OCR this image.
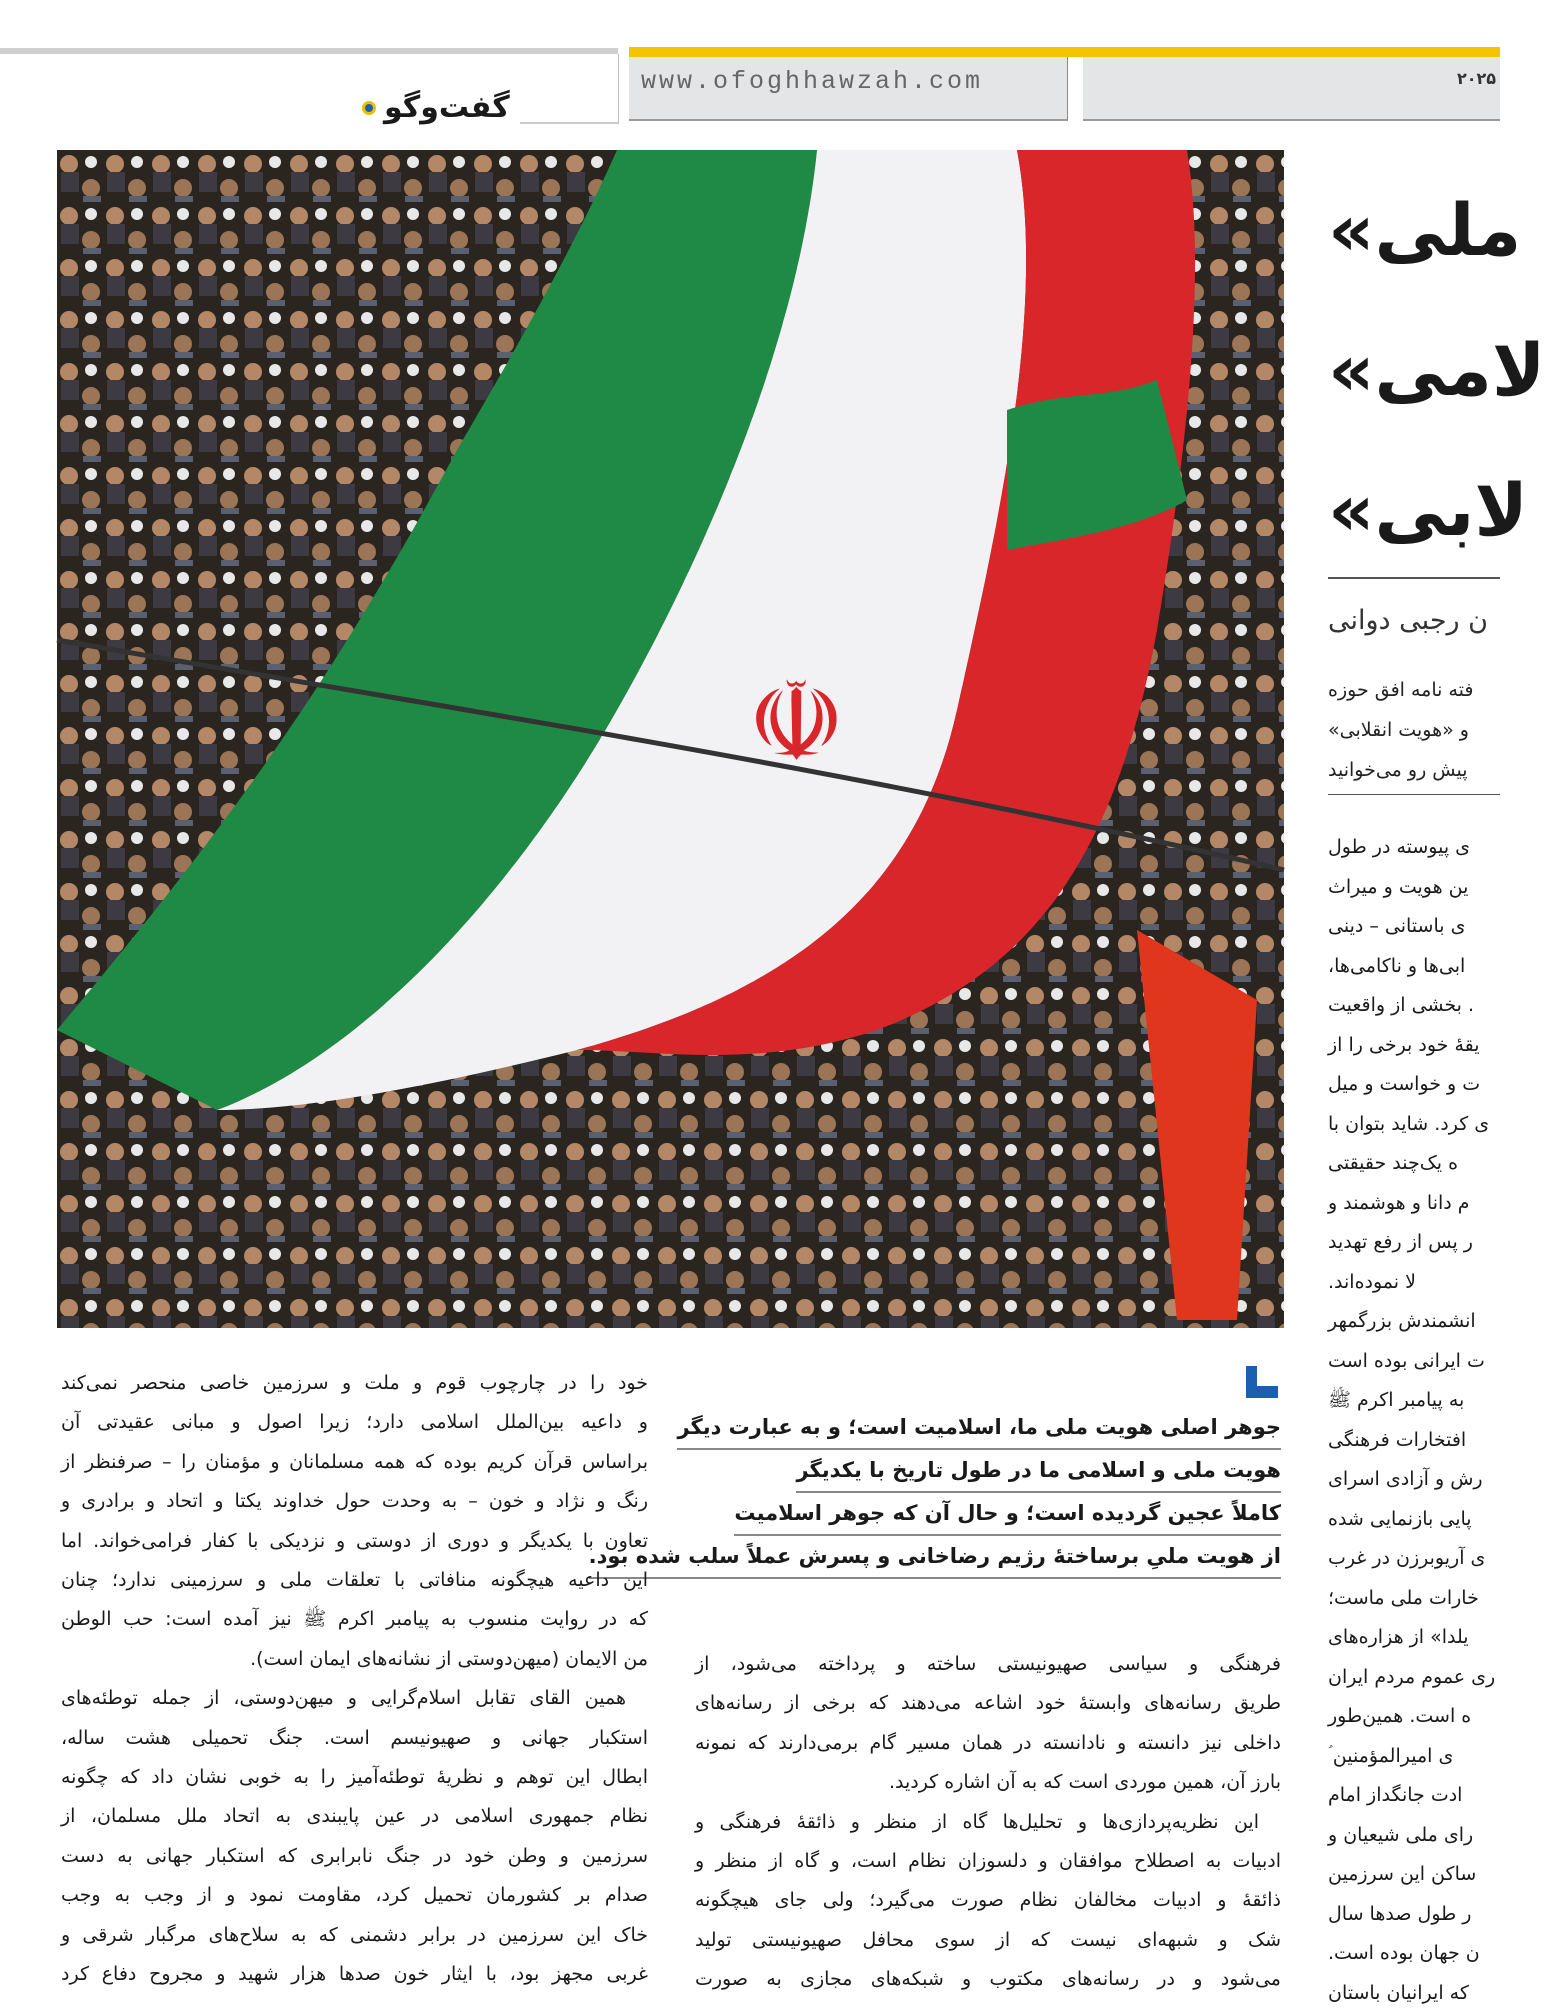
www.ofoghhawzah.com	۲۰۲۵
گفت‌وگو
☫
ملی»
لامی»
لابی»
ن رجبی دوانی
فته نامه افق حوزه
و «هویت انقلابی»
پیش رو می‌خوانید
ی پیوسته در طول
ین هویت و میراث
ی باستانی – دینی
ابی‌ها و ناکامی‌ها،
. بخشی از واقعیت
یقهٔ خود برخی را از
ت و خواست و میل
ی کرد. شاید بتوان با
ه یک‌چند حقیقتی
م دانا و هوشمند و
ر پس از رفع تهدید
لا نموده‌اند.
انشمندش بزرگمهر
ت ایرانی بوده است
به پیامبر اکرم ﷺ
افتخارات فرهنگی
رش و آزادی اسرای
پایی بازنمایی شده
ی آریوبرزن در غرب
خارات ملی ماست؛
یلدا» از هزاره‌های
ری عموم مردم ایران
ه است. همین‌طور
ی امیرالمؤمنین ؑ
ادت جانگداز امام
رای ملی شیعیان و
ساکن این سرزمین
ر طول صدها سال
ن جهان بوده است.
که ایرانیان باستان
جوهر اصلی هویت ملی ما، اسلامیت است؛ و به عبارت دیگر
هویت ملی و اسلامی ما در طول تاریخ با یکدیگر
کاملاً عجین گردیده است؛ و حال آن که جوهر اسلامیت
از هویت ملیِ برساختهٔ رژیم رضاخانی و پسرش عملاً سلب شده بود.
فرهنگی و سیاسی صهیونیستی ساخته و پرداخته می‌شود، از
طریق رسانه‌های وابستهٔ خود اشاعه می‌دهند که برخی از رسانه‌های
داخلی نیز دانسته و نادانسته در همان مسیر گام برمی‌دارند که نمونه
بارز آن، همین موردی است که به آن اشاره کردید.
این نظریه‌پردازی‌ها و تحلیل‌ها گاه از منظر و ذائقهٔ فرهنگی و
ادبیات به اصطلاح موافقان و دلسوزان نظام است، و گاه از منظر و
ذائقهٔ و ادبیات مخالفان نظام صورت می‌گیرد؛ ولی جای هیچگونه
شک و شبهه‌ای نیست که از سوی محافل صهیونیستی تولید
می‌شود و در رسانه‌های مکتوب و شبکه‌های مجازی به صورت
خود را در چارچوب قوم و ملت و سرزمین خاصی منحصر نمی‌کند
و داعیه بین‌الملل اسلامی دارد؛ زیرا اصول و مبانی عقیدتی آن
براساس قرآن کریم بوده که همه مسلمانان و مؤمنان را – صرفنظر از
رنگ و نژاد و خون – به وحدت حول خداوند یکتا و اتحاد و برادری و
تعاون با یکدیگر و دوری از دوستی و نزدیکی با کفار فرامی‌خواند. اما
این داعیه هیچگونه منافاتی با تعلقات ملی و سرزمینی ندارد؛ چنان
که در روایت منسوب به پیامبر اکرم ﷺ نیز آمده است: حب الوطن
من الایمان (میهن‌دوستی از نشانه‌های ایمان است).
همین القای تقابل اسلام‌گرایی و میهن‌دوستی، از جمله توطئه‌های
استکبار جهانی و صهیونیسم است. جنگ تحمیلی هشت ساله،
ابطال این توهم و نظریهٔ توطئه‌آمیز را به خوبی نشان داد که چگونه
نظام جمهوری اسلامی در عین پایبندی به اتحاد ملل مسلمان، از
سرزمین و وطن خود در جنگ نابرابری که استکبار جهانی به دست
صدام بر کشورمان تحمیل کرد، مقاومت نمود و از وجب به وجب
خاک این سرزمین در برابر دشمنی که به سلاح‌های مرگبار شرقی و
غربی مجهز بود، با ایثار خون صدها هزار شهید و مجروح دفاع کرد
